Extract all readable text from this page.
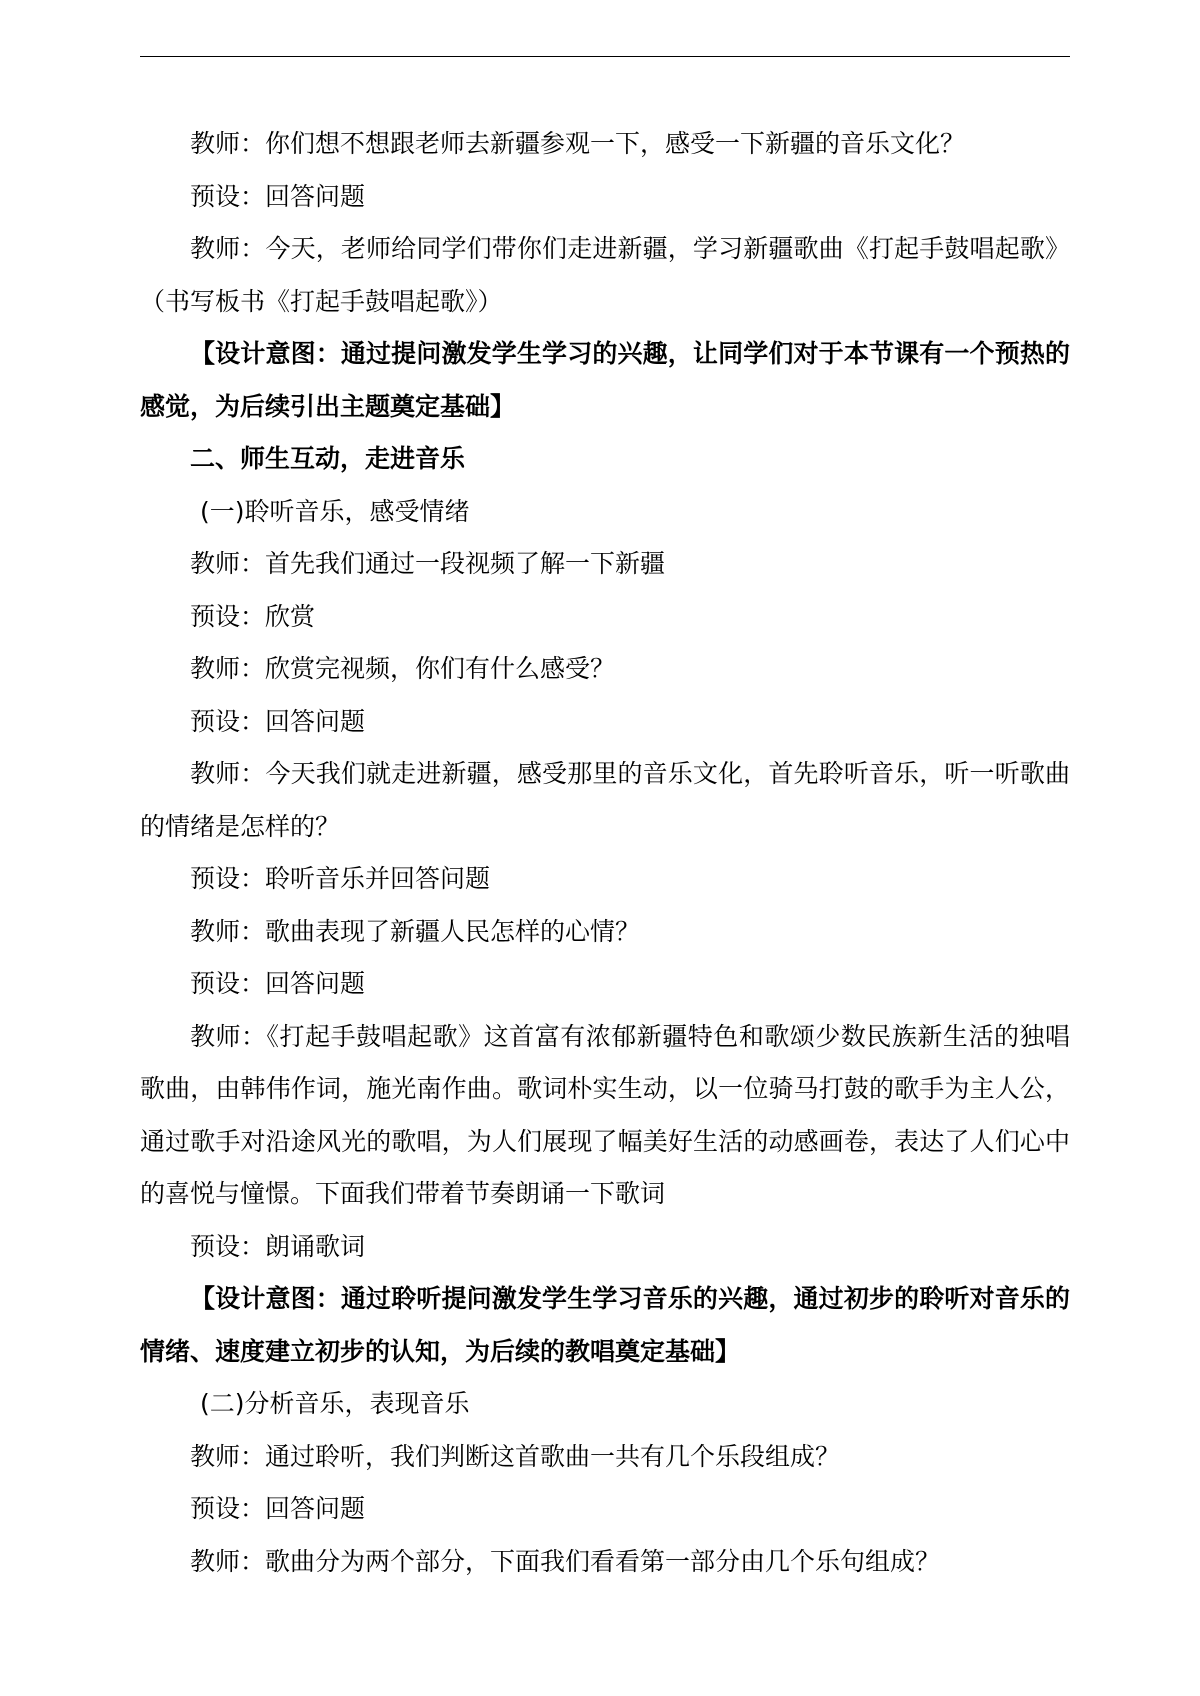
教师：你们想不想跟老师去新疆参观一下，感受一下新疆的音乐文化？

预设：回答问题

教师：今天，老师给同学们带你们走进新疆，学习新疆歌曲《打起手鼓唱起歌》（书写板书《打起手鼓唱起歌》）

【设计意图：通过提问激发学生学习的兴趣，让同学们对于本节课有一个预热的感觉，为后续引出主题奠定基础】

二、师生互动，走进音乐

(一)聆听音乐，感受情绪

教师：首先我们通过一段视频了解一下新疆

预设：欣赏

教师：欣赏完视频，你们有什么感受？

预设：回答问题

教师：今天我们就走进新疆，感受那里的音乐文化，首先聆听音乐，听一听歌曲的情绪是怎样的？

预设：聆听音乐并回答问题

教师：歌曲表现了新疆人民怎样的心情？

预设：回答问题

教师：《打起手鼓唱起歌》这首富有浓郁新疆特色和歌颂少数民族新生活的独唱歌曲，由韩伟作词，施光南作曲。歌词朴实生动，以一位骑马打鼓的歌手为主人公，通过歌手对沿途风光的歌唱，为人们展现了幅美好生活的动感画卷，表达了人们心中的喜悦与憧憬。下面我们带着节奏朗诵一下歌词

预设：朗诵歌词

【设计意图：通过聆听提问激发学生学习音乐的兴趣，通过初步的聆听对音乐的情绪、速度建立初步的认知，为后续的教唱奠定基础】

(二)分析音乐，表现音乐

教师：通过聆听，我们判断这首歌曲一共有几个乐段组成？

预设：回答问题

教师：歌曲分为两个部分，下面我们看看第一部分由几个乐句组成？
